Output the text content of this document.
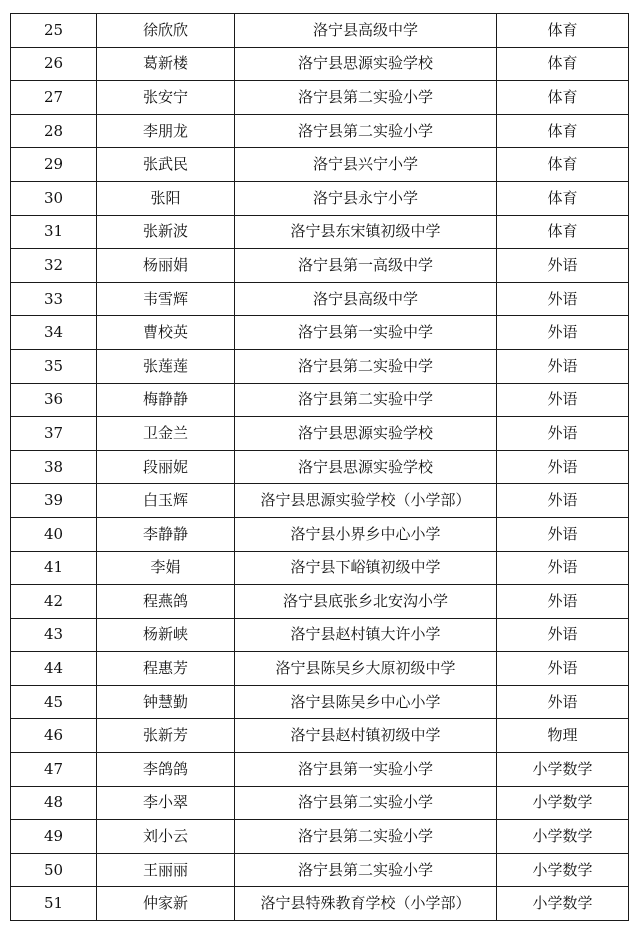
25	徐欣欣	洛宁县高级中学	体育
26	葛新楼	洛宁县思源实验学校	体育
27	张安宁	洛宁县第二实验小学	体育
28	李朋龙	洛宁县第二实验小学	体育
29	张武民	洛宁县兴宁小学	体育
30	张阳	洛宁县永宁小学	体育
31	张新波	洛宁县东宋镇初级中学	体育
32	杨丽娟	洛宁县第一高级中学	外语
33	韦雪辉	洛宁县高级中学	外语
34	曹校英	洛宁县第一实验中学	外语
35	张莲莲	洛宁县第二实验中学	外语
36	梅静静	洛宁县第二实验中学	外语
37	卫金兰	洛宁县思源实验学校	外语
38	段丽妮	洛宁县思源实验学校	外语
39	白玉辉	洛宁县思源实验学校（小学部）	外语
40	李静静	洛宁县小界乡中心小学	外语
41	李娟	洛宁县下峪镇初级中学	外语
42	程燕鸽	洛宁县底张乡北安沟小学	外语
43	杨新峡	洛宁县赵村镇大许小学	外语
44	程惠芳	洛宁县陈吴乡大原初级中学	外语
45	钟慧勤	洛宁县陈吴乡中心小学	外语
46	张新芳	洛宁县赵村镇初级中学	物理
47	李鸽鸽	洛宁县第一实验小学	小学数学
48	李小翠	洛宁县第二实验小学	小学数学
49	刘小云	洛宁县第二实验小学	小学数学
50	王丽丽	洛宁县第二实验小学	小学数学
51	仲家新	洛宁县特殊教育学校（小学部）	小学数学
